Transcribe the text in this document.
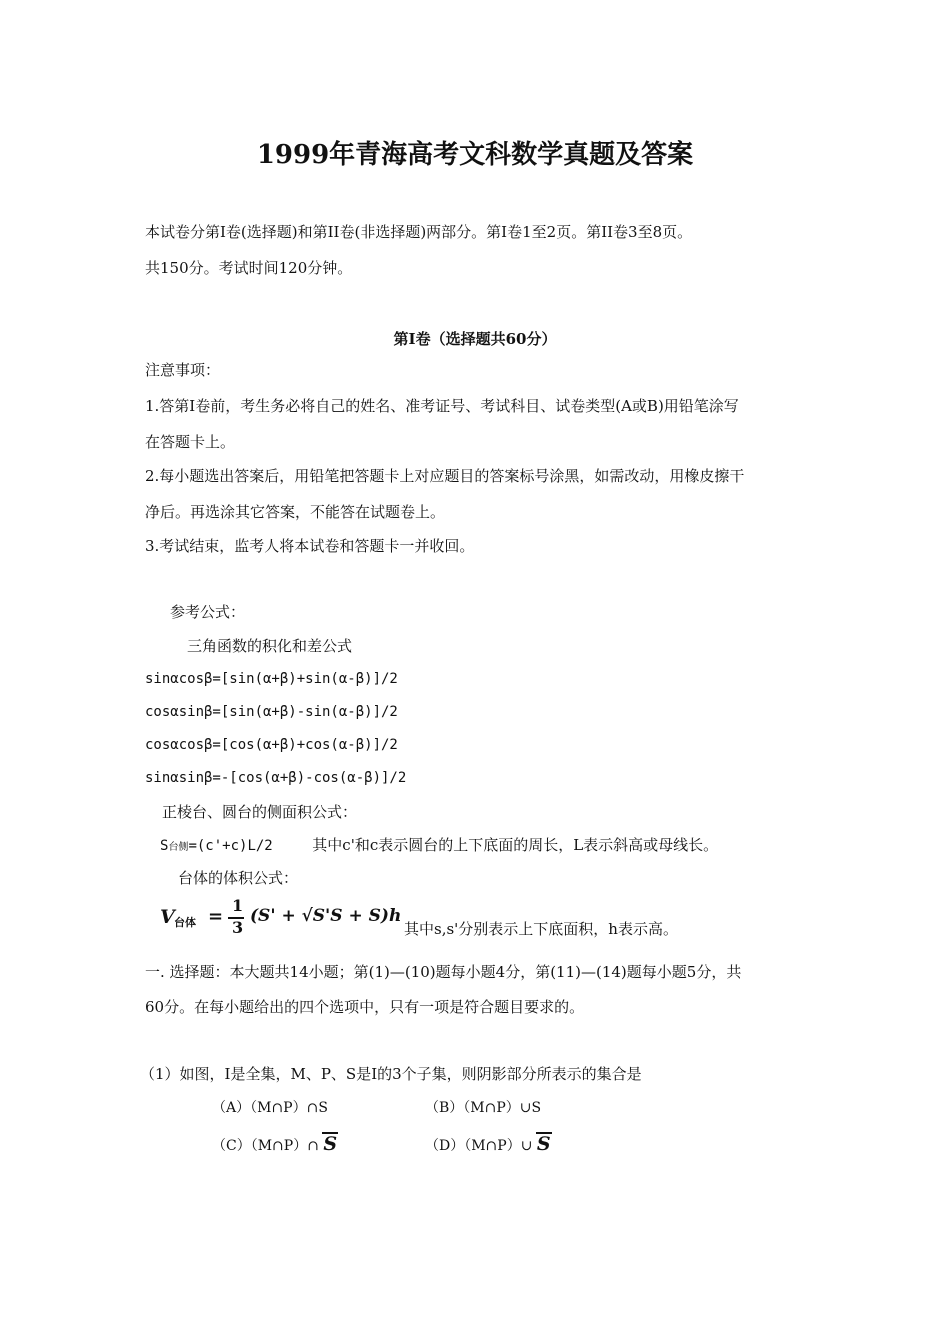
1999年青海高考文科数学真题及答案
本试卷分第Ⅰ卷(选择题)和第II卷(非选择题)两部分。第Ⅰ卷1至2页。第II卷3至8页。
共150分。考试时间120分钟。
第Ⅰ卷（选择题共60分）
注意事项：
1.答第Ⅰ卷前，考生务必将自己的姓名、准考证号、考试科目、试卷类型(A或B)用铅笔涂写
在答题卡上。
2.每小题选出答案后，用铅笔把答题卡上对应题目的答案标号涂黑，如需改动，用橡皮擦干
净后。再选涂其它答案，不能答在试题卷上。
3.考试结束，监考人将本试卷和答题卡一并收回。
参考公式：
三角函数的积化和差公式
sinαcosβ=[sin(α+β)+sin(α-β)]/2
cosαsinβ=[sin(α+β)-sin(α-β)]/2
cosαcosβ=[cos(α+β)+cos(α-β)]/2
sinαsinβ=-[cos(α+β)-cos(α-β)]/2
正棱台、圆台的侧面积公式：
S台侧=(c'+c)L/2	其中c'和c表示圆台的上下底面的周长，L表示斜高或母线长。
台体的体积公式：
V 台体 =
1
3
(S' + √S'S + S)h
其中s,s'分别表示上下底面积，h表示高。
一. 选择题：本大题共14小题；第(1)—(10)题每小题4分，第(11)—(14)题每小题5分，共
60分。在每小题给出的四个选项中，只有一项是符合题目要求的。
（1）如图，Ⅰ是全集，M、P、S是Ⅰ的3个子集，则阴影部分所表示的集合是
（A）（M∩P）∩S	（B）（M∩P）∪S
（C）（M∩P）∩ S	（D）（M∩P）∪ S
